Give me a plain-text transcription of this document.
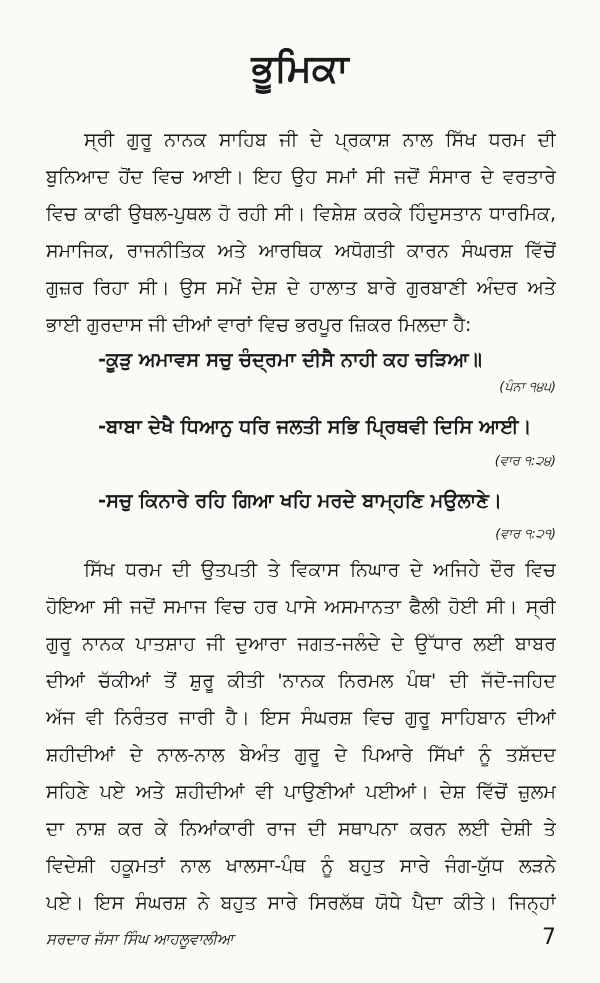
ਭੂਮਿਕਾ
ਸ੍ਰੀ ਗੁਰੂ ਨਾਨਕ ਸਾਹਿਬ ਜੀ ਦੇ ਪ੍ਰਕਾਸ਼ ਨਾਲ ਸਿੱਖ ਧਰਮ ਦੀ
ਬੁਨਿਆਦ ਹੋਂਦ ਵਿਚ ਆਈ। ਇਹ ਉਹ ਸਮਾਂ ਸੀ ਜਦੋਂ ਸੰਸਾਰ ਦੇ ਵਰਤਾਰੇ
ਵਿਚ ਕਾਫੀ ਉਥਲ-ਪੁਥਲ ਹੋ ਰਹੀ ਸੀ। ਵਿਸ਼ੇਸ਼ ਕਰਕੇ ਹਿੰਦੁਸਤਾਨ ਧਾਰਮਿਕ,
ਸਮਾਜਿਕ, ਰਾਜਨੀਤਿਕ ਅਤੇ ਆਰਥਿਕ ਅਧੋਗਤੀ ਕਾਰਨ ਸੰਘਰਸ਼ ਵਿੱਚੋਂ
ਗੁਜ਼ਰ ਰਿਹਾ ਸੀ। ਉਸ ਸਮੇਂ ਦੇਸ਼ ਦੇ ਹਾਲਾਤ ਬਾਰੇ ਗੁਰਬਾਣੀ ਅੰਦਰ ਅਤੇ
ਭਾਈ ਗੁਰਦਾਸ ਜੀ ਦੀਆਂ ਵਾਰਾਂ ਵਿਚ ਭਰਪੂਰ ਜ਼ਿਕਰ ਮਿਲਦਾ ਹੈ:
-ਕੂੜੁ ਅਮਾਵਸ ਸਚੁ ਚੰਦ੍ਰਮਾ ਦੀਸੈ ਨਾਹੀ ਕਹ ਚੜਿਆ॥
(ਪੰਨਾ ੧੪੫)
-ਬਾਬਾ ਦੇਖੈ ਧਿਆਨੁ ਧਰਿ ਜਲਤੀ ਸਭਿ ਪ੍ਰਿਥਵੀ ਦਿਸਿ ਆਈ।
(ਵਾਰ ੧:੨੪)
-ਸਚੁ ਕਿਨਾਰੇ ਰਹਿ ਗਿਆ ਖਹਿ ਮਰਦੇ ਬਾਮ੍ਹਣਿ ਮਉਲਾਣੇ।
(ਵਾਰ ੧:੨੧)
ਸਿੱਖ ਧਰਮ ਦੀ ਉਤਪਤੀ ਤੇ ਵਿਕਾਸ ਨਿਘਾਰ ਦੇ ਅਜਿਹੇ ਦੌਰ ਵਿਚ
ਹੋਇਆ ਸੀ ਜਦੋਂ ਸਮਾਜ ਵਿਚ ਹਰ ਪਾਸੇ ਅਸਮਾਨਤਾ ਫੈਲੀ ਹੋਈ ਸੀ। ਸ੍ਰੀ
ਗੁਰੂ ਨਾਨਕ ਪਾਤਸ਼ਾਹ ਜੀ ਦੁਆਰਾ ਜਗਤ-ਜਲੰਦੇ ਦੇ ਉੱਧਾਰ ਲਈ ਬਾਬਰ
ਦੀਆਂ ਚੱਕੀਆਂ ਤੋਂ ਸ਼ੁਰੂ ਕੀਤੀ 'ਨਾਨਕ ਨਿਰਮਲ ਪੰਥ' ਦੀ ਜੱਦੋ-ਜਹਿਦ
ਅੱਜ ਵੀ ਨਿਰੰਤਰ ਜਾਰੀ ਹੈ। ਇਸ ਸੰਘਰਸ਼ ਵਿਚ ਗੁਰੂ ਸਾਹਿਬਾਨ ਦੀਆਂ
ਸ਼ਹੀਦੀਆਂ ਦੇ ਨਾਲ-ਨਾਲ ਬੇਅੰਤ ਗੁਰੂ ਦੇ ਪਿਆਰੇ ਸਿੱਖਾਂ ਨੂੰ ਤਸ਼ੱਦਦ
ਸਹਿਣੇ ਪਏ ਅਤੇ ਸ਼ਹੀਦੀਆਂ ਵੀ ਪਾਉਣੀਆਂ ਪਈਆਂ। ਦੇਸ਼ ਵਿੱਚੋਂ ਜ਼ੁਲਮ
ਦਾ ਨਾਸ਼ ਕਰ ਕੇ ਨਿਆਂਕਾਰੀ ਰਾਜ ਦੀ ਸਥਾਪਨਾ ਕਰਨ ਲਈ ਦੇਸ਼ੀ ਤੇ
ਵਿਦੇਸ਼ੀ ਹਕੂਮਤਾਂ ਨਾਲ ਖਾਲਸਾ-ਪੰਥ ਨੂੰ ਬਹੁਤ ਸਾਰੇ ਜੰਗ-ਯੁੱਧ ਲੜਨੇ
ਪਏ। ਇਸ ਸੰਘਰਸ਼ ਨੇ ਬਹੁਤ ਸਾਰੇ ਸਿਰਲੱਥ ਯੋਧੇ ਪੈਦਾ ਕੀਤੇ। ਜਿਨ੍ਹਾਂ
ਸਰਦਾਰ ਜੱਸਾ ਸਿੰਘ ਆਹਲੂਵਾਲੀਆ	7
